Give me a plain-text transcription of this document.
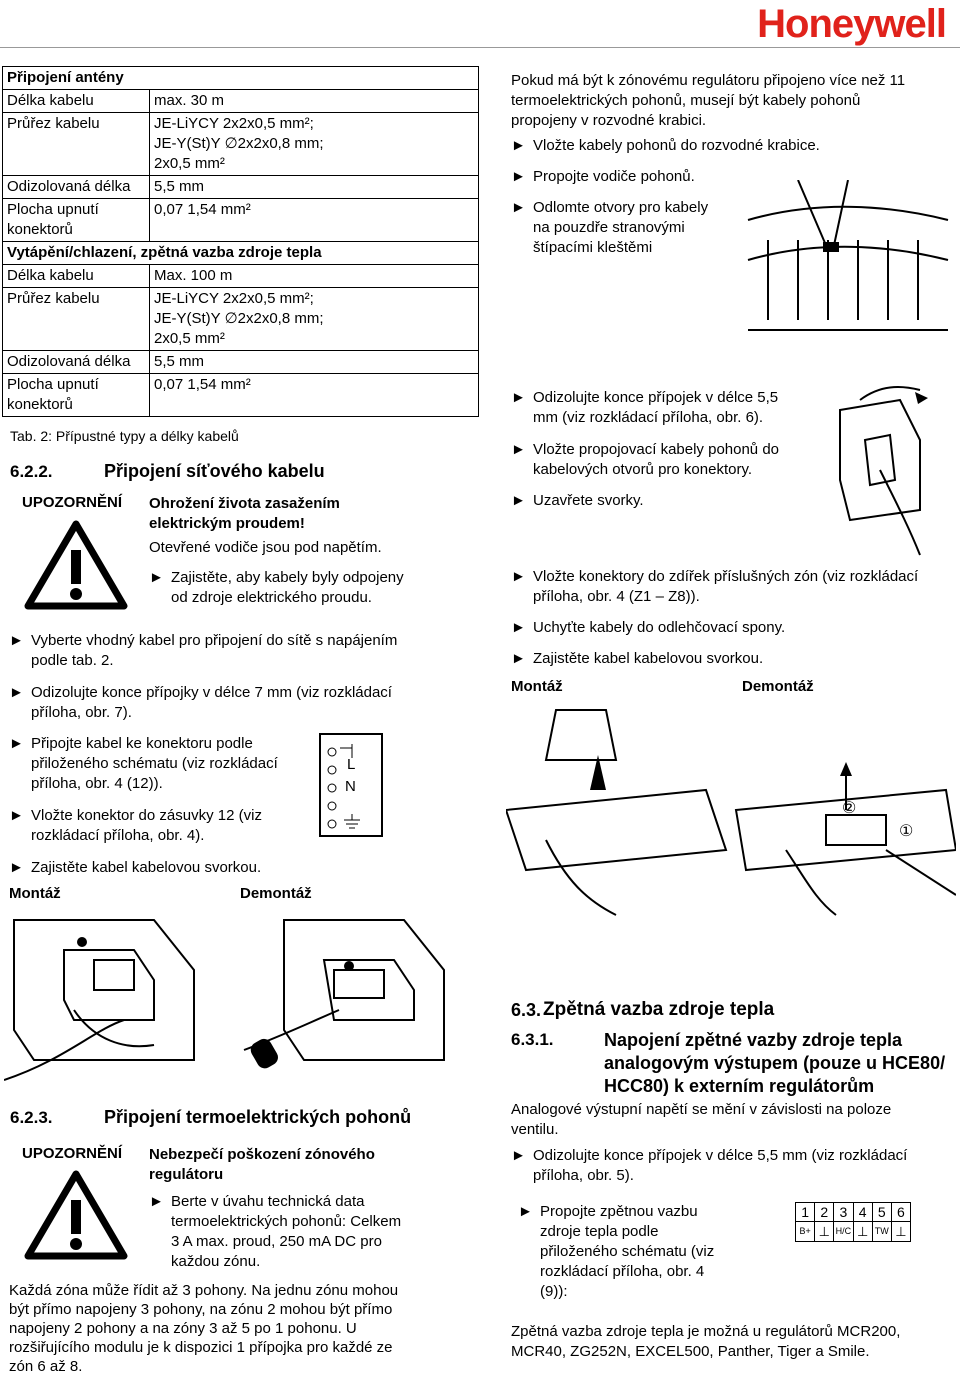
Honeywell
Připojení antény	
Délka kabelu	max. 30 m
Průřez kabelu	JE-LiYCY 2x2x0,5 mm²;
JE-Y(St)Y ∅2x2x0,8 mm;
2x0,5 mm²

Odizolovaná délka	5,5 mm

Plocha upnutí
konektorů	0,07 1,54 mm²
Vytápění/chlazení, zpětná vazba zdroje tepla	
Délka kabelu	Max. 100 m
Průřez kabelu	JE-LiYCY 2x2x0,5 mm²;
JE-Y(St)Y ∅2x2x0,8 mm;
2x0,5 mm²

Odizolovaná délka	5,5 mm

Plocha upnutí
konektorů	0,07 1,54 mm²
Tab. 2: Přípustné typy a délky kabelů
6.2.2.	Připojení síťového kabelu
UPOZORNĚNÍ Ohrožení života zasažením
elektrickým proudem!
Otevřené vodiče jsou pod napětím.
► Zajistěte, aby kabely byly odpojeny
od zdroje elektrického proudu.
► Vyberte vhodný kabel pro připojení do sítě s napájením
podle tab. 2.
► Odizolujte konce přípojky v délce 7 mm (viz rozkládací
příloha, obr. 7).
► Připojte kabel ke konektoru podle
přiloženého schématu (viz rozkládací
příloha, obr. 4 (12)).
► Vložte konektor do zásuvky 12 (viz
rozkládací příloha, obr. 4).
► Zajistěte kabel kabelovou svorkou.
L
N
Montáž	Demontáž
6.2.3.	Připojení termoelektrických pohonů
UPOZORNĚNÍ Nebezpečí poškození zónového
regulátoru
► Berte v úvahu technická data
termoelektrických pohonů: Celkem
3 A max. proud, 250 mA DC pro
každou zónu.
Každá zóna může řídit až 3 pohony. Na jednu zónu mohou
být přímo napojeny 3 pohony, na zónu 2 mohou být přímo
napojeny 2 pohony a na zóny 3 až 5 po 1 pohonu. U
rozšiřujícího modulu je k dispozici 1 přípojka pro každé ze
zón 6 až 8.
Pokud má být k zónovému regulátoru připojeno více než 11
termoelektrických pohonů, musejí být kabely pohonů
propojeny v rozvodné krabici.
► Vložte kabely pohonů do rozvodné krabice.
► Propojte vodiče pohonů.
► Odlomte otvory pro kabely
na pouzdře stranovými
štípacími kleštěmi
► Odizolujte konce přípojek v délce 5,5
mm (viz rozkládací příloha, obr. 6).
► Vložte propojovací kabely pohonů do
kabelových otvorů pro konektory.
► Uzavřete svorky.
► Vložte konektory do zdířek příslušných zón (viz rozkládací
příloha, obr. 4 (Z1 – Z8)).
► Uchyťte kabely do odlehčovací spony.
► Zajistěte kabel kabelovou svorkou.
Montáž	Demontáž
②
①
6.3. Zpětná vazba zdroje tepla
6.3.1.	Napojení zpětné vazby zdroje tepla
analogovým výstupem (pouze u HCE80/
HCC80) k externím regulátorům
Analogové výstupní napětí se mění v závislosti na poloze
ventilu.
► Odizolujte konce přípojek v délce 5,5 mm (viz rozkládací
příloha, obr. 5).
► Propojte zpětnou vazbu
zdroje tepla podle
přiloženého schématu (viz
rozkládací příloha, obr. 4
(9)):
1 2 3 4 5 6
B+ ⊥ H/C ⊥ TW ⊥
Zpětná vazba zdroje tepla je možná u regulátorů MCR200,
MCR40, ZG252N, EXCEL500, Panther, Tiger a Smile.
